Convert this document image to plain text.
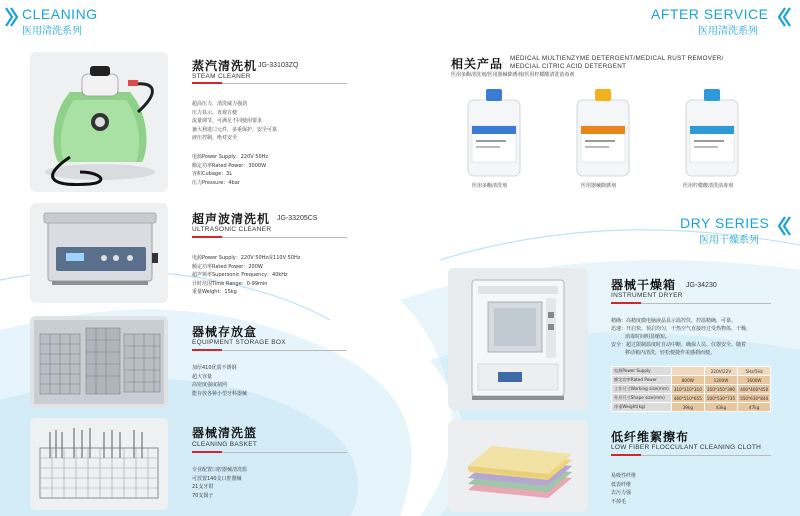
CLEANING
医用清洗系列
AFTER SERVICE
医用清洗系列
蒸汽清洗机 JG-33103ZQ
STEAM CLEANER
超高压力，清洗威力强劲
压力显示，直观方便
流量调节，可满足不同使用要求
兼大利进口元件，多重保护，安全可靠
液压控制，绝对安全
电源Power Supply：220V 50Hz
额定功率Rated Power：3000W
容积Cubage：3L
压力Pressure：4bar
超声波清洗机 JG-33205CS
ULTRASONIC CLEANER
电源Power Supply：220V 50Hz或110V 50Hz
额定功率Rated Power：200W
超声频率Supersonic Frequency：40kHz
计时范围Time Range：0-99min
重量Weight：15kg
器械存放盒
EQUIPMENT STORAGE BOX
加厚410优质不锈钢
超大容量
高密度强度制网
能存放各种小型牙科器械
器械清洗篮
CLEANING BASKET
专业配置口腔器械清洗篮
可放置140支口腔器械
21支牙钳
70支镊子
相关产品 MEDICAL MULTIENZYME DETERGENT/MEDICAL RUST REMOVER/
MEDCIAL CITRIC ACID DETERGENT
医用多酶清洗剂/医用器械除锈剂/医用柠檬酸清洗消毒剂
医用多酶清洗剂	医用器械除锈剂	医用柠檬酸清洗消毒剂
DRY SERIES
医用干燥系列
器械干燥箱 JG-34230
INSTRUMENT DRYER
精确：高精度微电脑液晶显示温控仪，控温精确、可靠。
迅速：开启快，预启均匀，干热空气直接经过受热物体，干燥、
消毒时间明显缩短。
安全：超过限制温度时自动中断，确保人员、仪器安全。随着
移动箱内清洗，轻松便捷作美感刹而便。
电源Power Supply		220V/22V	5Hz/5Hz
额定功率Rated Power	800W	1200W	1600W
工作尺寸Working size(mm)	310*310*310	350*350*390	400*400*450
外形尺寸Shape size(mm)	460*510*655	500*530*735	550*630*840
净重Weight(kg)	39kg	43kg	47kg
低纤维絮擦布
LOW FIBER FLOCCULANT CLEANING CLOTH
易吸性纤维
低表纤维
去污力强
不掉毛
